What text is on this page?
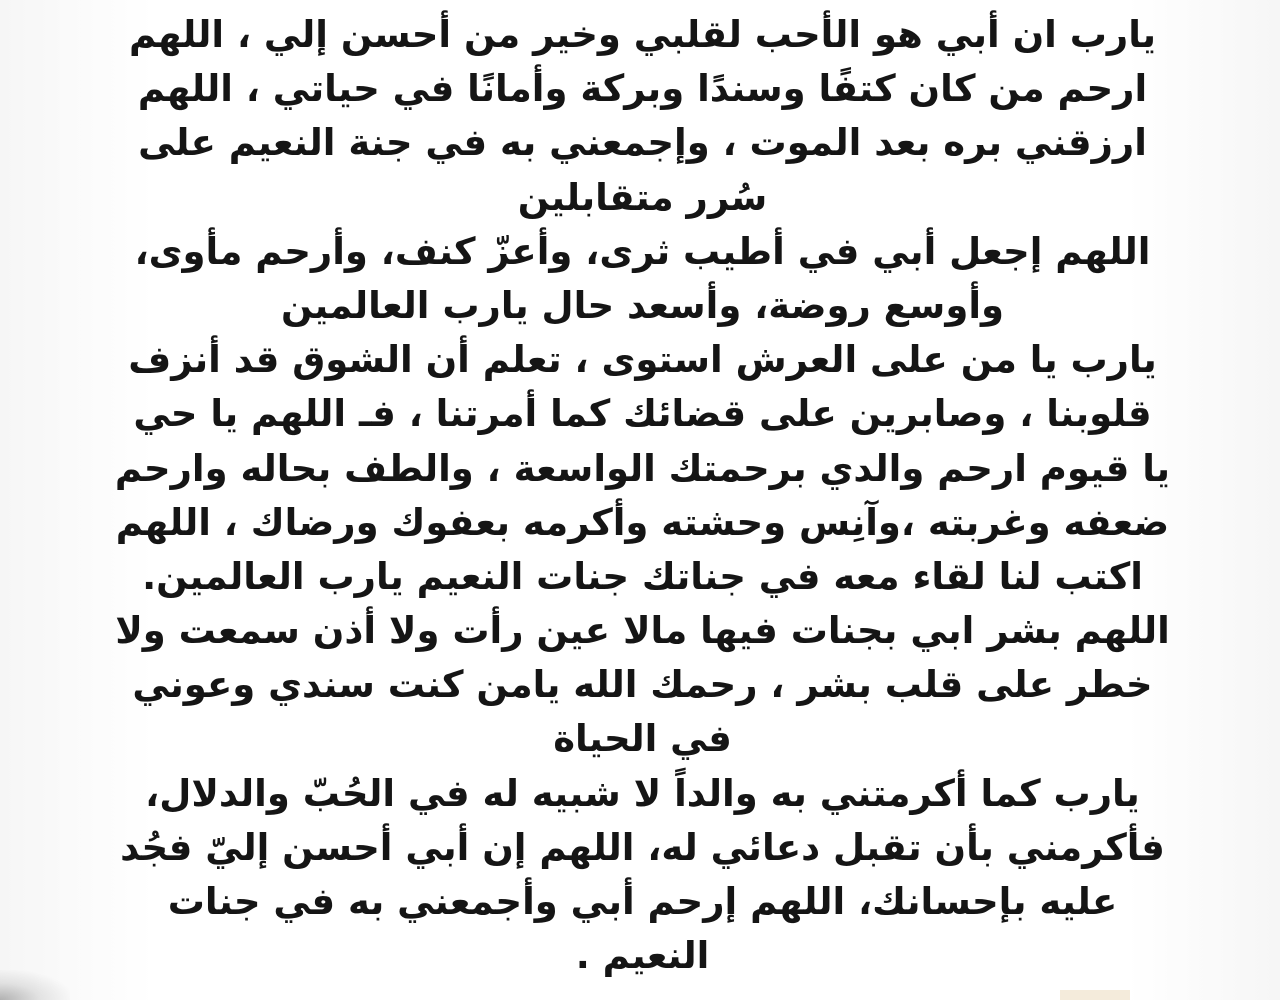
يارب ان أبي هو الأحب لقلبي وخير من أحسن إلي ، اللهم
ارحم من كان كتفًا وسندًا وبركة وأمانًا في حياتي ، اللهم
ارزقني بره بعد الموت ، وإجمعني به في جنة النعيم على
سُرر متقابلين
اللهم إجعل أبي في أطيب ثرى، وأعزّ كنف، وأرحم مأوى،
وأوسع روضة، وأسعد حال يارب العالمين
يارب يا من على العرش استوى ، تعلم أن الشوق قد أنزف
قلوبنا ، وصابرين على قضائك كما أمرتنا ، فـ اللهم يا حي
يا قيوم ارحم والدي برحمتك الواسعة ، والطف بحاله وارحم
ضعفه وغربته ،وآنِس وحشته وأكرمه بعفوك ورضاك ، اللهم
اكتب لنا لقاء معه في جناتك جنات النعيم يارب العالمين.
اللهم بشر ابي بجنات فيها مالا عين رأت ولا أذن سمعت ولا
خطر على قلب بشر ، رحمك الله يامن كنت سندي وعوني
في الحياة
يارب كما أكرمتني به والداً لا شبيه له في الحُبّ والدلال،
فأكرمني بأن تقبل دعائي له، اللهم إن أبي أحسن إليّ فجُد
عليه بإحسانك، اللهم إرحم أبي وأجمعني به في جنات
النعيم .
